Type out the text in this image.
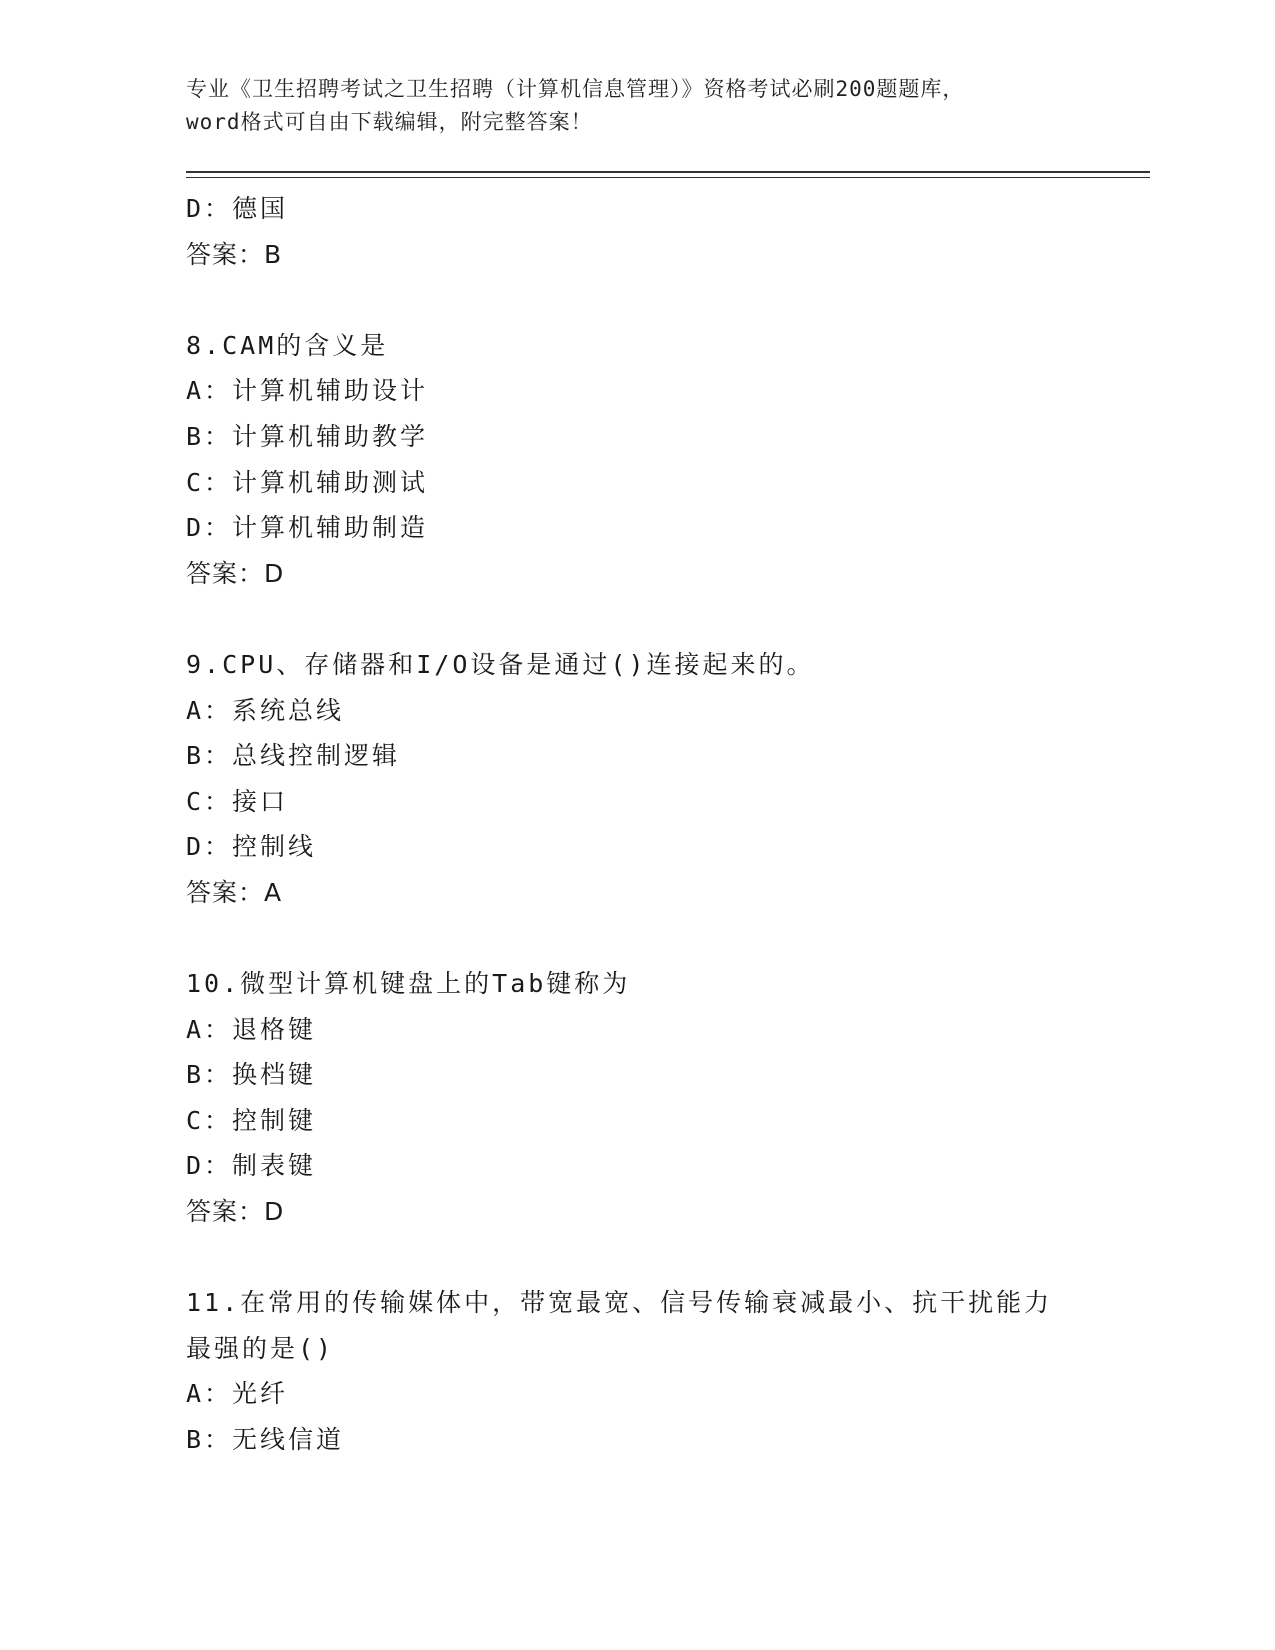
专业《卫生招聘考试之卫生招聘（计算机信息管理）》资格考试必刷200题题库，
word格式可自由下载编辑，附完整答案！
D：德国
答案：B
8.CAM的含义是
A：计算机辅助设计
B：计算机辅助教学
C：计算机辅助测试
D：计算机辅助制造
答案：D
9.CPU、存储器和I/O设备是通过()连接起来的。
A：系统总线
B：总线控制逻辑
C：接口
D：控制线
答案：A
10.微型计算机键盘上的Tab键称为
A：退格键
B：换档键
C：控制键
D：制表键
答案：D
11.在常用的传输媒体中，带宽最宽、信号传输衰减最小、抗干扰能力
最强的是()
A：光纤
B：无线信道
